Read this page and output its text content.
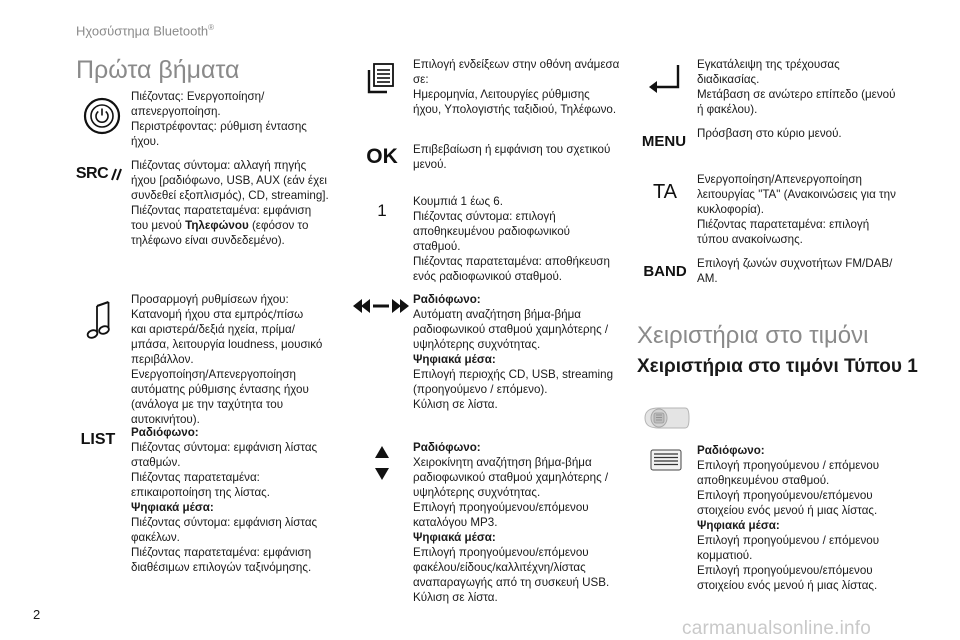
Ηχοσύστημα Bluetooth®
Πρώτα βήματα
Πιέζοντας: Ενεργοποίηση/
απενεργοποίηση.
Περιστρέφοντας: ρύθμιση έντασης
ήχου.
SRC Πιέζοντας σύντομα: αλλαγή πηγής
ήχου [ραδιόφωνο, USB, AUX (εάν έχει
συνδεθεί εξοπλισμός), CD, streaming].
Πιέζοντας παρατεταμένα: εμφάνιση
του μενού Τηλεφώνου (εφόσον το
τηλέφωνο είναι συνδεδεμένο).
Προσαρμογή ρυθμίσεων ήχου:
Κατανομή ήχου στα εμπρός/πίσω
και αριστερά/δεξιά ηχεία, πρίμα/
μπάσα, λειτουργία loudness, μουσικό
περιβάλλον.
Ενεργοποίηση/Απενεργοποίηση
αυτόματης ρύθμισης έντασης ήχου
(ανάλογα με την ταχύτητα του
αυτοκινήτου).
LIST Ραδιόφωνο:
Πιέζοντας σύντομα: εμφάνιση λίστας
σταθμών.
Πιέζοντας παρατεταμένα:
επικαιροποίηση της λίστας.
Ψηφιακά μέσα:
Πιέζοντας σύντομα: εμφάνιση λίστας
φακέλων.
Πιέζοντας παρατεταμένα: εμφάνιση
διαθέσιμων επιλογών ταξινόμησης.
Επιλογή ενδείξεων στην οθόνη ανάμεσα
σε:
Ημερομηνία, Λειτουργίες ρύθμισης
ήχου, Υπολογιστής ταξιδιού, Τηλέφωνο.
OK Επιβεβαίωση ή εμφάνιση του σχετικού
μενού.
1 Κουμπιά 1 έως 6.
Πιέζοντας σύντομα: επιλογή
αποθηκευμένου ραδιοφωνικού
σταθμού.
Πιέζοντας παρατεταμένα: αποθήκευση
ενός ραδιοφωνικού σταθμού.
Ραδιόφωνο:
Αυτόματη αναζήτηση βήμα-βήμα
ραδιοφωνικού σταθμού χαμηλότερης /
υψηλότερης συχνότητας.
Ψηφιακά μέσα:
Επιλογή περιοχής CD, USB, streaming
(προηγούμενο / επόμενο).
Κύλιση σε λίστα.
Ραδιόφωνο:
Χειροκίνητη αναζήτηση βήμα-βήμα
ραδιοφωνικού σταθμού χαμηλότερης /
υψηλότερης συχνότητας.
Επιλογή προηγούμενου/επόμενου
καταλόγου MP3.
Ψηφιακά μέσα:
Επιλογή προηγούμενου/επόμενου
φακέλου/είδους/καλλιτέχνη/λίστας
αναπαραγωγής από τη συσκευή USB.
Κύλιση σε λίστα.
Εγκατάλειψη της τρέχουσας
διαδικασίας.
Μετάβαση σε ανώτερο επίπεδο (μενού
ή φακέλου).
MENU Πρόσβαση στο κύριο μενού.
TA
Ενεργοποίηση/Απενεργοποίηση
λειτουργίας "TA" (Ανακοινώσεις για την
κυκλοφορία).
Πιέζοντας παρατεταμένα: επιλογή
τύπου ανακοίνωσης.
BAND Επιλογή ζωνών συχνοτήτων FM/DAB/
AM.
Χειριστήρια στο τιμόνι
Χειριστήρια στο τιμόνι Τύπου 1
Ραδιόφωνο:
Επιλογή προηγούμενου / επόμενου
αποθηκευμένου σταθμού.
Επιλογή προηγούμενου/επόμενου
στοιχείου ενός μενού ή μιας λίστας.
Ψηφιακά μέσα:
Επιλογή προηγούμενου / επόμενου
κομματιού.
Επιλογή προηγούμενου/επόμενου
στοιχείου ενός μενού ή μιας λίστας.
2
carmanualsonline.info
